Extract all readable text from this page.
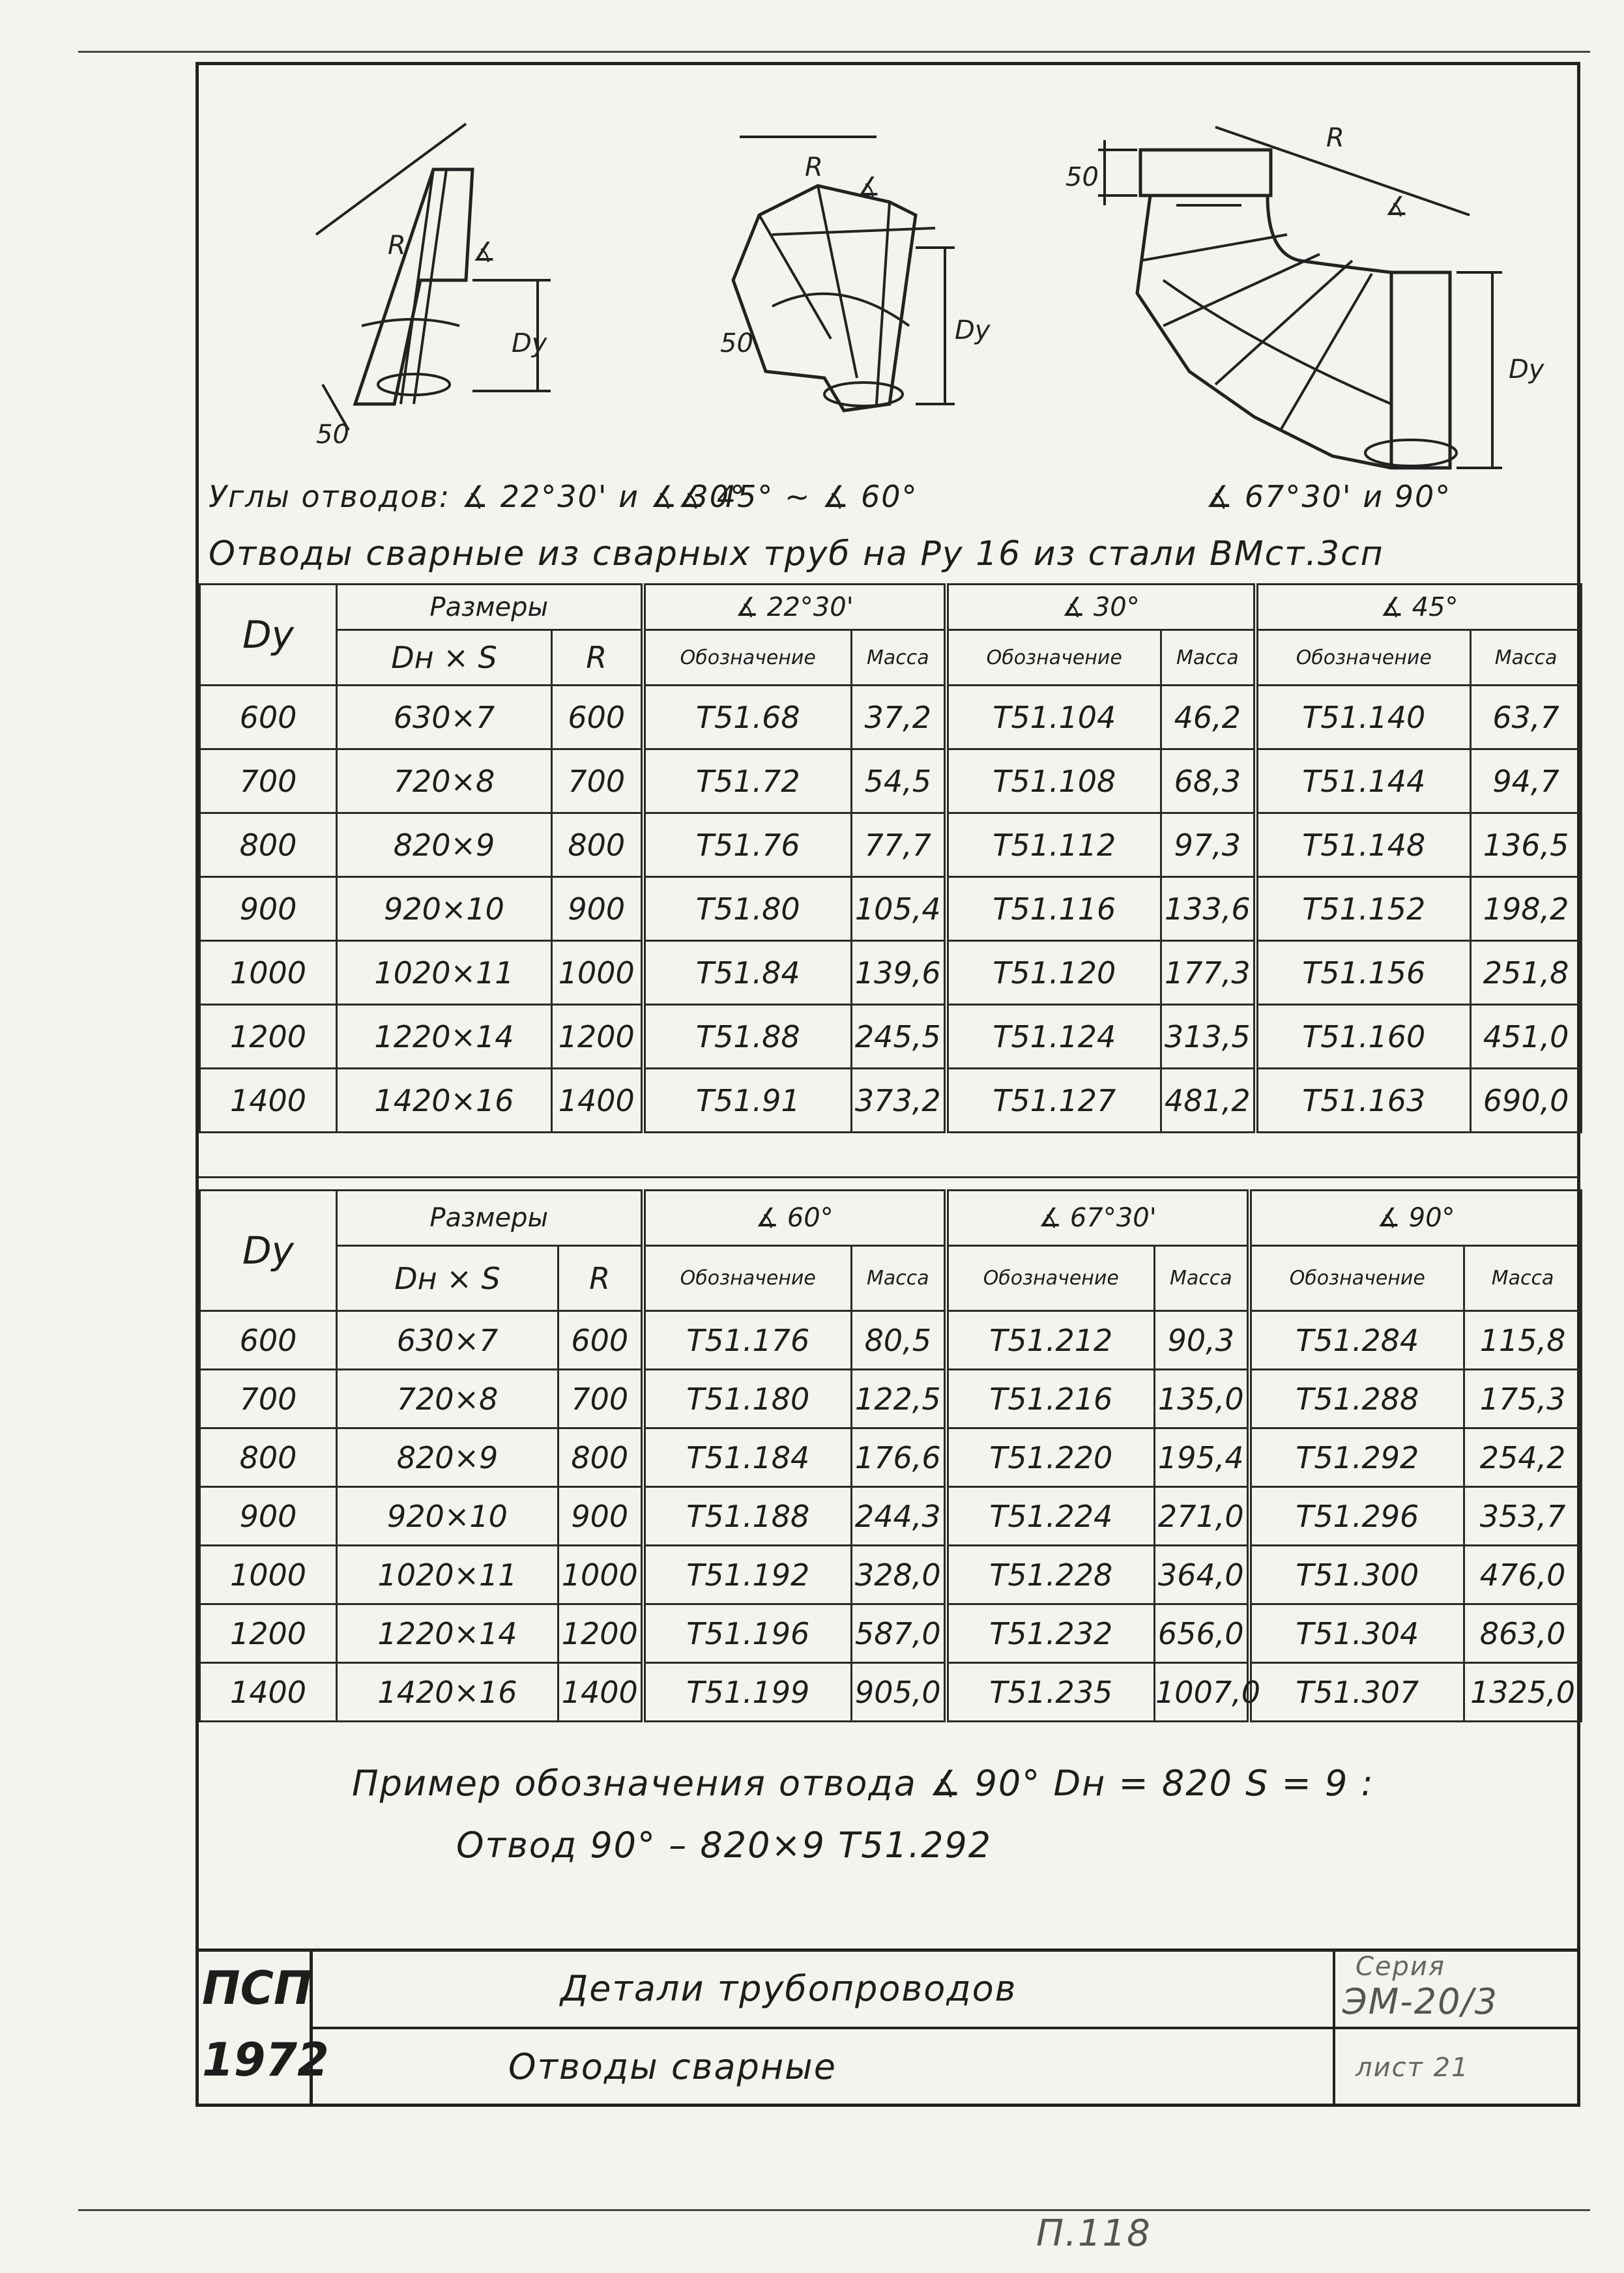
R	∡
Dy
50
R
∡
Dy
50
R
∡
Dy
50
Углы отводов: ∡ 22°30' и ∡ 30°
∡ 45° ~ ∡ 60°	∡ 67°30' и 90°
Отводы сварные из сварных труб на Ру 16 из стали ВМст.3сп
Dy	Размеры		∡ 22°30'		∡ 30°		∡ 45°	
	Dн × S	R	Обозначение	Масса	Обозначение	Масса	Обозначение	Масса
600	630×7	600	Т51.68	37,2	Т51.104	46,2	Т51.140	63,7
700	720×8	700	Т51.72	54,5	Т51.108	68,3	Т51.144	94,7
800	820×9	800	Т51.76	77,7	Т51.112	97,3	Т51.148	136,5
900	920×10	900	Т51.80	105,4	Т51.116	133,6	Т51.152	198,2
1000	1020×11	1000	Т51.84	139,6	Т51.120	177,3	Т51.156	251,8
1200	1220×14	1200	Т51.88	245,5	Т51.124	313,5	Т51.160	451,0
1400	1420×16	1400	Т51.91	373,2	Т51.127	481,2	Т51.163	690,0
Dy	Размеры		∡ 60°		∡ 67°30'		∡ 90°	
	Dн × S	R	Обозначение	Масса	Обозначение	Масса	Обозначение	Масса
600	630×7	600	Т51.176	80,5	Т51.212	90,3	Т51.284	115,8
700	720×8	700	Т51.180	122,5	Т51.216	135,0	Т51.288	175,3
800	820×9	800	Т51.184	176,6	Т51.220	195,4	Т51.292	254,2
900	920×10	900	Т51.188	244,3	Т51.224	271,0	Т51.296	353,7
1000	1020×11	1000	Т51.192	328,0	Т51.228	364,0	Т51.300	476,0
1200	1220×14	1200	Т51.196	587,0	Т51.232	656,0	Т51.304	863,0
1400	1420×16	1400	Т51.199	905,0	Т51.235	1007,0	Т51.307	1325,0
Пример обозначения отвода ∡ 90° Dн = 820 S = 9 :
Отвод 90° – 820×9 Т51.292
ПСП
1972
Детали трубопроводов
Отводы сварные
Серия
ЭМ-20/3
лист 21
П.118
